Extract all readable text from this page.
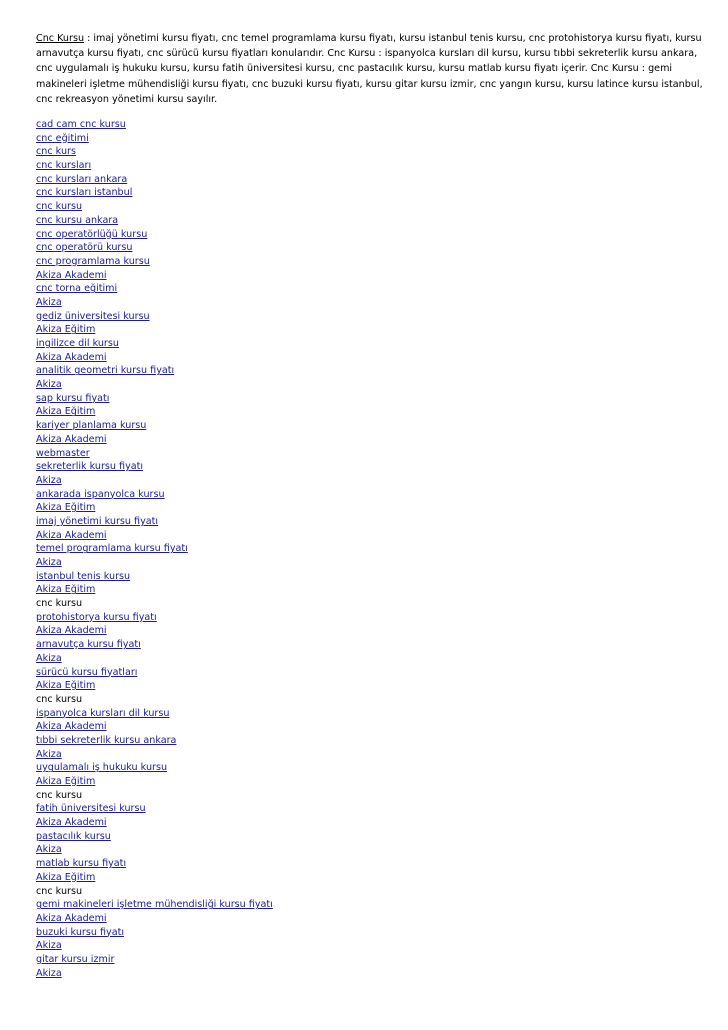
Cnc Kursu : imaj yönetimi kursu fiyatı, cnc temel programlama kursu fiyatı, kursu istanbul tenis kursu, cnc protohistorya kursu fiyatı, kursu arnavutça kursu fiyatı, cnc sürücü kursu fiyatları konularıdır. Cnc Kursu : ispanyolca kursları dil kursu, kursu tıbbi sekreterlik kursu ankara, cnc uygulamalı iş hukuku kursu, kursu fatih üniversitesi kursu, cnc pastacılık kursu, kursu matlab kursu fiyatı içerir. Cnc Kursu : gemi makineleri işletme mühendisliği kursu fiyatı, cnc buzuki kursu fiyatı, kursu gitar kursu izmir, cnc yangın kursu, kursu latince kursu istanbul, cnc rekreasyon yönetimi kursu sayılır.

cad cam cnc kursu
cnc eğitimi
cnc kurs
cnc kursları
cnc kursları ankara
cnc kursları istanbul
cnc kursu
cnc kursu ankara
cnc operatörlüğü kursu
cnc operatörü kursu
cnc programlama kursu
Akiza Akademi
cnc torna eğitimi
Akiza
gediz üniversitesi kursu
Akiza Eğitim
ingilizce dil kursu
Akiza Akademi
analitik geometri kursu fiyatı
Akiza
sap kursu fiyatı
Akiza Eğitim
kariyer planlama kursu
Akiza Akademi
webmaster
sekreterlik kursu fiyatı
Akiza
ankarada ispanyolca kursu
Akiza Eğitim
imaj yönetimi kursu fiyatı
Akiza Akademi
temel programlama kursu fiyatı
Akiza
istanbul tenis kursu
Akiza Eğitim
cnc kursu
protohistorya kursu fiyatı
Akiza Akademi
arnavutça kursu fiyatı
Akiza
sürücü kursu fiyatları
Akiza Eğitim
cnc kursu
ispanyolca kursları dil kursu
Akiza Akademi
tıbbi sekreterlik kursu ankara
Akiza
uygulamalı iş hukuku kursu
Akiza Eğitim
cnc kursu
fatih üniversitesi kursu
Akiza Akademi
pastacılık kursu
Akiza
matlab kursu fiyatı
Akiza Eğitim
cnc kursu
gemi makineleri işletme mühendisliği kursu fiyatı
Akiza Akademi
buzuki kursu fiyatı
Akiza
gitar kursu izmir
Akiza
